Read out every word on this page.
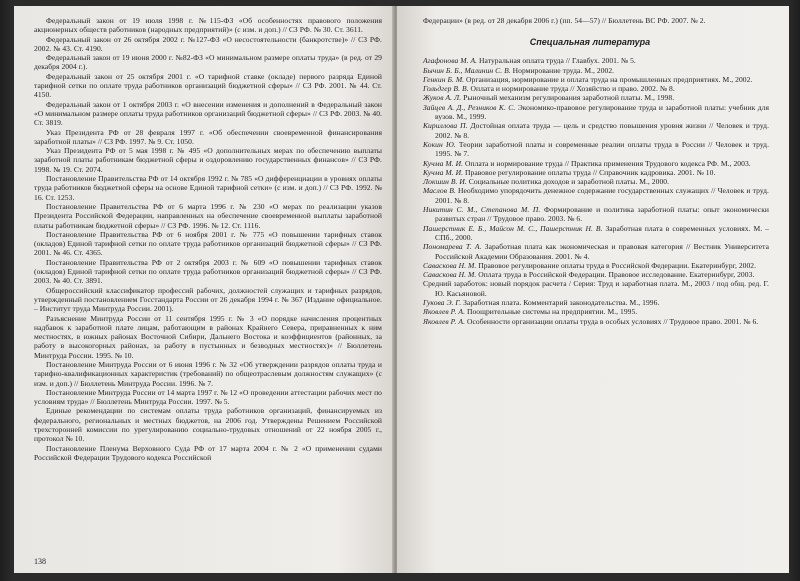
Федеральный закон от 19 июля 1998 г. №115-ФЗ «Об особенностях правового положения акционерных обществ работников (народных предприятий)» (с изм. и доп.) // СЗ РФ. № 30. Ст. 3611.

Федеральный закон от 26 октября 2002 г. №127-ФЗ «О несостоятельности (банкротстве)» // СЗ РФ. 2002. № 43. Ст. 4190.

Федеральный закон от 19 июня 2000 г. №82-ФЗ «О минимальном размере оплаты труда» (в ред. от 29 декабря 2004 г.).

Федеральный закон от 25 октября 2001 г. «О тарифной ставке (окладе) первого разряда Единой тарифной сетки по оплате труда работников организаций бюджетной сферы» // СЗ РФ. 2001. № 44. Ст. 4150.

Федеральный закон от 1 октября 2003 г. «О внесении изменения и дополнений в Федеральный закон «О минимальном размере оплаты труда работников организаций бюджетной сферы» // СЗ РФ. 2003. № 40. Ст. 3819.

Указ Президента РФ от 28 февраля 1997 г. «Об обеспечении своевременной финансирования заработной платы» // СЗ РФ. 1997. № 9. Ст. 1050.

Указ Президента РФ от 5 мая 1998 г. № 495 «О дополнительных мерах по обеспечению выплаты заработной платы работникам бюджетной сферы и оздоровлению государственных финансов» // СЗ РФ. 1998. № 19. Ст. 2074.

Постановление Правительства РФ от 14 октября 1992 г. № 785 «О дифференциации в уровнях оплаты труда работников бюджетной сферы на основе Единой тарифной сетки» (с изм. и доп.) // СЗ РФ. 1992. № 16. Ст. 1253.

Постановление Правительства РФ от 6 марта 1996 г. № 230 «О мерах по реализации указов Президента Российской Федерации, направленных на обеспечение своевременной выплаты заработной платы работникам бюджетной сферы» // СЗ РФ. 1996. № 12. Ст. 1116.

Постановление Правительства РФ от 6 ноября 2001 г. № 775 «О повышении тарифных ставок (окладов) Единой тарифной сетки по оплате труда работников организаций бюджетной сферы» // СЗ РФ. 2001. № 46. Ст. 4365.

Постановление Правительства РФ от 2 октября 2003 г. № 609 «О повышении тарифных ставок (окладов) Единой тарифной сетки по оплате труда работников организаций бюджетной сферы» // СЗ РФ. 2003. № 40. Ст. 3891.

Общероссийский классификатор профессий рабочих, должностей служащих и тарифных разрядов, утвержденный постановлением Госстандарта России от 26 декабря 1994 г. № 367 (Издание официальное. – Институт труда Минтруда России. 2001).

Разъяснение Минтруда России от 11 сентября 1995 г. № 3 «О порядке начисления процентных надбавок к заработной плате лицам, работающим в районах Крайнего Севера, приравненных к ним местностях, в южных районах Восточной Сибири, Дальнего Востока и коэффициентов (районных, за работу в высокогорных районах, за работу в пустынных и безводных местностях)» // Бюллетень Минтруда России. 1995. № 10.

Постановление Минтруда России от 6 июня 1996 г. № 32 «Об утверждении разрядов оплаты труда и тарифно-квалификационных характеристик (требований) по общеотраслевым должностям служащих» (с изм. и доп.) // Бюллетень Минтруда России. 1996. № 7.

Постановление Минтруда России от 14 марта 1997 г. № 12 «О проведении аттестации рабочих мест по условиям труда» // Бюллетень Минтруда России. 1997. № 5.

Единые рекомендации по системам оплаты труда работников организаций, финансируемых из федерального, региональных и местных бюджетов, на 2006 год. Утверждены Решением Российской трехсторонней комиссии по урегулированию социально-трудовых отношений от 22 ноября 2005 г., протокол № 10.

Постановление Пленума Верховного Суда РФ от 17 марта 2004 г. № 2 «О применении судами Российской Федерации Трудового кодекса Российской

138

Федерации» (в ред. от 28 декабря 2006 г.) (пп. 54—57) // Бюллетень ВС РФ. 2007. № 2.

Специальная литература

Агафонова М. А. Натуральная оплата труда // Главбух. 2001. № 5.

Бычин Б. Б., Малинин С. В. Нормирование труда. М., 2002.

Генкин Б. М. Организация, нормирование и оплата труда на промышленных предприятиях. М., 2002.

Гольдгер В. В. Оплата и нормирование труда // Хозяйство и право. 2002. № 8.

Жуков А. Л. Рыночный механизм регулирования заработной платы. М., 1998.

Зайцев А. Д., Резников К. С. Экономико-правовое регулирование труда и заработной платы: учебник для вузов. М., 1999.

Кириллова П. Достойная оплата труда — цель и средство повышения уровня жизни // Человек и труд. 2002. № 8.

Кокин Ю. Теории заработной платы и современные реалии оплаты труда в России // Человек и труд. 1995. № 7.

Кучма М. И. Оплата и нормирование труда // Практика применения Трудового кодекса РФ. М., 2003.

Кучма М. И. Правовое регулирование оплаты труда // Справочник кадровика. 2001. № 10.

Локшин В. И. Социальные политика доходов и заработной платы. М., 2000.

Маслов В. Необходимо упорядочить денежное содержание государственных служащих // Человек и труд. 2001. № 8.

Никитин С. М., Степанова М. П. Формирование и политика заработной платы: опыт экономически развитых стран // Трудовое право. 2003. № 6.

Пашерстник Е. Б., Майсон М. С., Пашерстник Н. В. Заработная плата в современных условиях. М. – СПб., 2000.

Пономарева Т. А. Заработная плата как экономическая и правовая категория // Вестник Университета Российской Академии Образования. 2001. № 4.

Саваскова Н. М. Правовое регулирование оплаты труда в Российской Федерации. Екатеринбург, 2002.

Саваскова Н. М. Оплата труда в Российской Федерации. Правовое исследование. Екатеринбург, 2003.

Средний заработок: новый порядок расчета / Серия: Труд и заработная плата. М., 2003 / под общ. ред. Г. Ю. Касьяновой.

Гукова Э. Г. Заработная плата. Комментарий законодательства. М., 1996.

Яковлев Р. А. Поощрительные системы на предприятии. М., 1995.

Яковлев Р. А. Особенности организации оплаты труда в особых условиях // Трудовое право. 2001. № 6.
